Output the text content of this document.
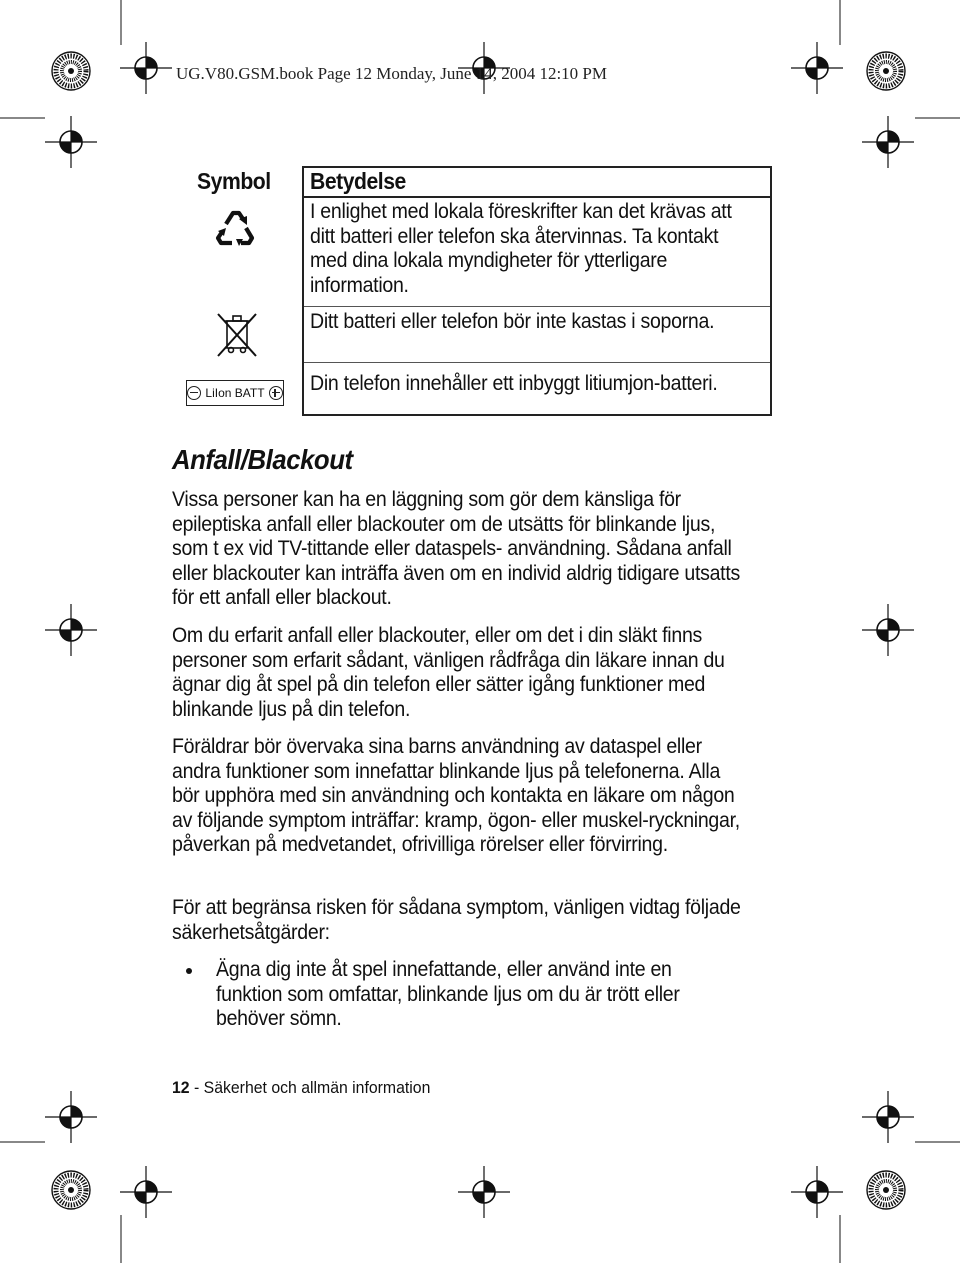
UG.V80.GSM.book Page 12 Monday, June 14, 2004 12:10 PM
Symbol Betydelse
I enlighet med lokala föreskrifter kan det krävas att ditt batteri eller telefon ska återvinnas. Ta kontakt med dina lokala myndigheter för ytterligare information.
Ditt batteri eller telefon bör inte kastas i soporna.
LiIon BATT Din telefon innehåller ett inbyggt litiumjon-batteri.
Anfall/Blackout

Vissa personer kan ha en läggning som gör dem känsliga för epileptiska anfall eller blackouter om de utsätts för blinkande ljus, som t ex vid TV-tittande eller dataspels- användning. Sådana anfall eller blackouter kan inträffa även om en individ aldrig tidigare utsatts för ett anfall eller blackout.

Om du erfarit anfall eller blackouter, eller om det i din släkt finns personer som erfarit sådant, vänligen rådfråga din läkare innan du ägnar dig åt spel på din telefon eller sätter igång funktioner med blinkande ljus på din telefon.

Föräldrar bör övervaka sina barns användning av dataspel eller andra funktioner som innefattar blinkande ljus på telefonerna. Alla bör upphöra med sin användning och kontakta en läkare om någon av följande symptom inträffar: kramp, ögon- eller muskel-ryckningar, påverkan på medvetandet, ofrivilliga rörelser eller förvirring.

För att begränsa risken för sådana symptom, vänligen vidtag följade säkerhetsåtgärder:

Ägna dig inte åt spel innefattande, eller använd inte en funktion som omfattar, blinkande ljus om du är trött eller behöver sömn.
12 - Säkerhet och allmän information
